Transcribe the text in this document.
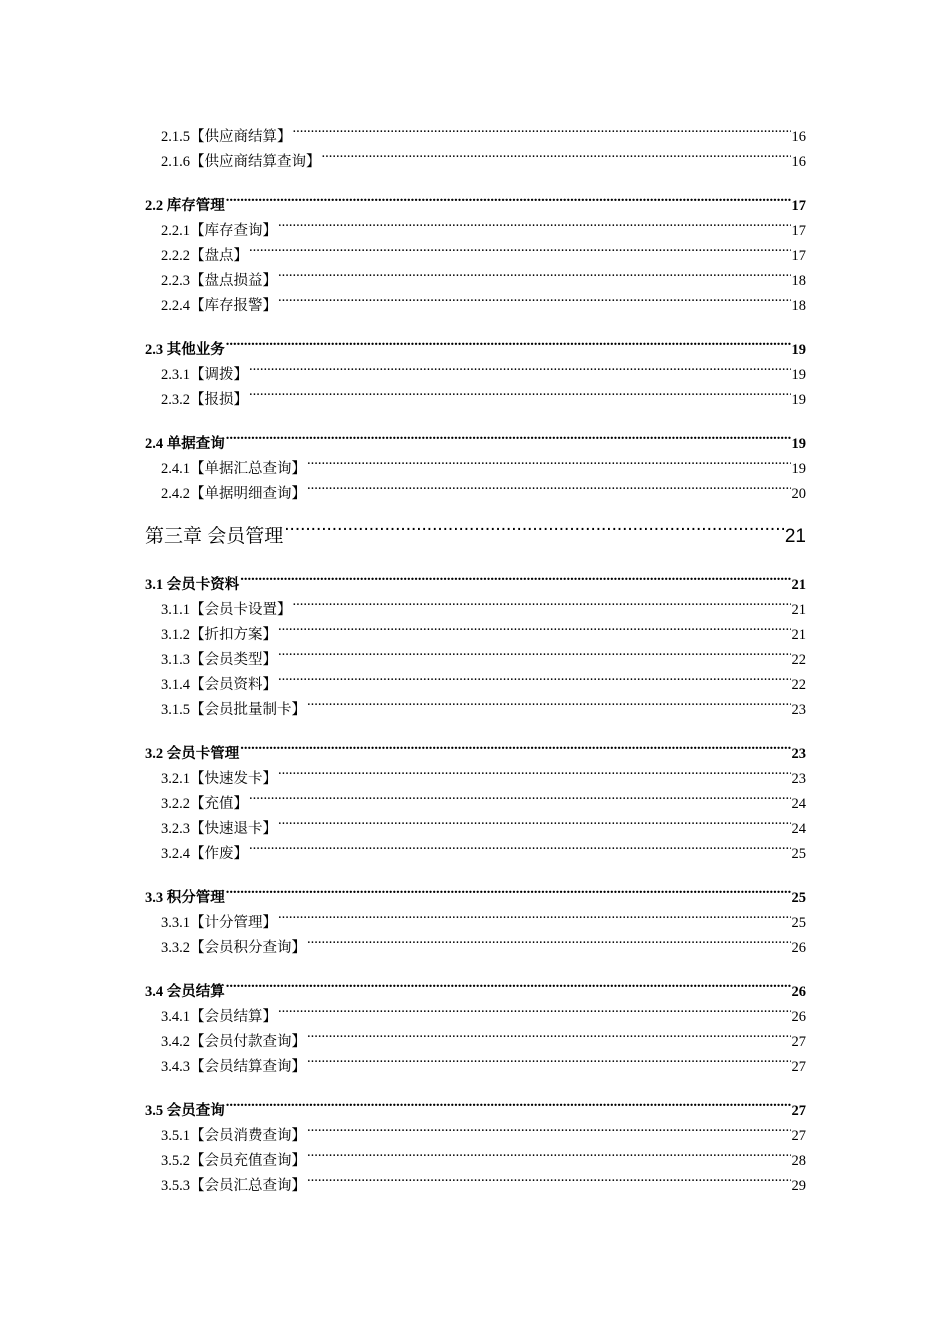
2.1.5【供应商结算】 .....	16
2.1.6【供应商结算查询】 .....	16
2.2 库存管理 .....	17
2.2.1【库存查询】 .....	17
2.2.2【盘点】 .....	17
2.2.3【盘点损益】 .....	18
2.2.4【库存报警】 .....	18
2.3 其他业务 .....	19
2.3.1【调拨】 .....	19
2.3.2【报损】 .....	19
2.4 单据查询 .....	19
2.4.1【单据汇总查询】 .....	19
2.4.2【单据明细查询】 .....	20
第三章 会员管理 .....	21
3.1 会员卡资料 .....	21
3.1.1【会员卡设置】 .....	21
3.1.2【折扣方案】 .....	21
3.1.3【会员类型】 .....	22
3.1.4【会员资料】 .....	22
3.1.5【会员批量制卡】 .....	23
3.2 会员卡管理 .....	23
3.2.1【快速发卡】 .....	23
3.2.2【充值】 .....	24
3.2.3【快速退卡】 .....	24
3.2.4【作废】 .....	25
3.3 积分管理 .....	25
3.3.1【计分管理】 .....	25
3.3.2【会员积分查询】 .....	26
3.4 会员结算 .....	26
3.4.1【会员结算】 .....	26
3.4.2【会员付款查询】 .....	27
3.4.3【会员结算查询】 .....	27
3.5 会员查询 .....	27
3.5.1【会员消费查询】 .....	27
3.5.2【会员充值查询】 .....	28
3.5.3【会员汇总查询】 .....	29
